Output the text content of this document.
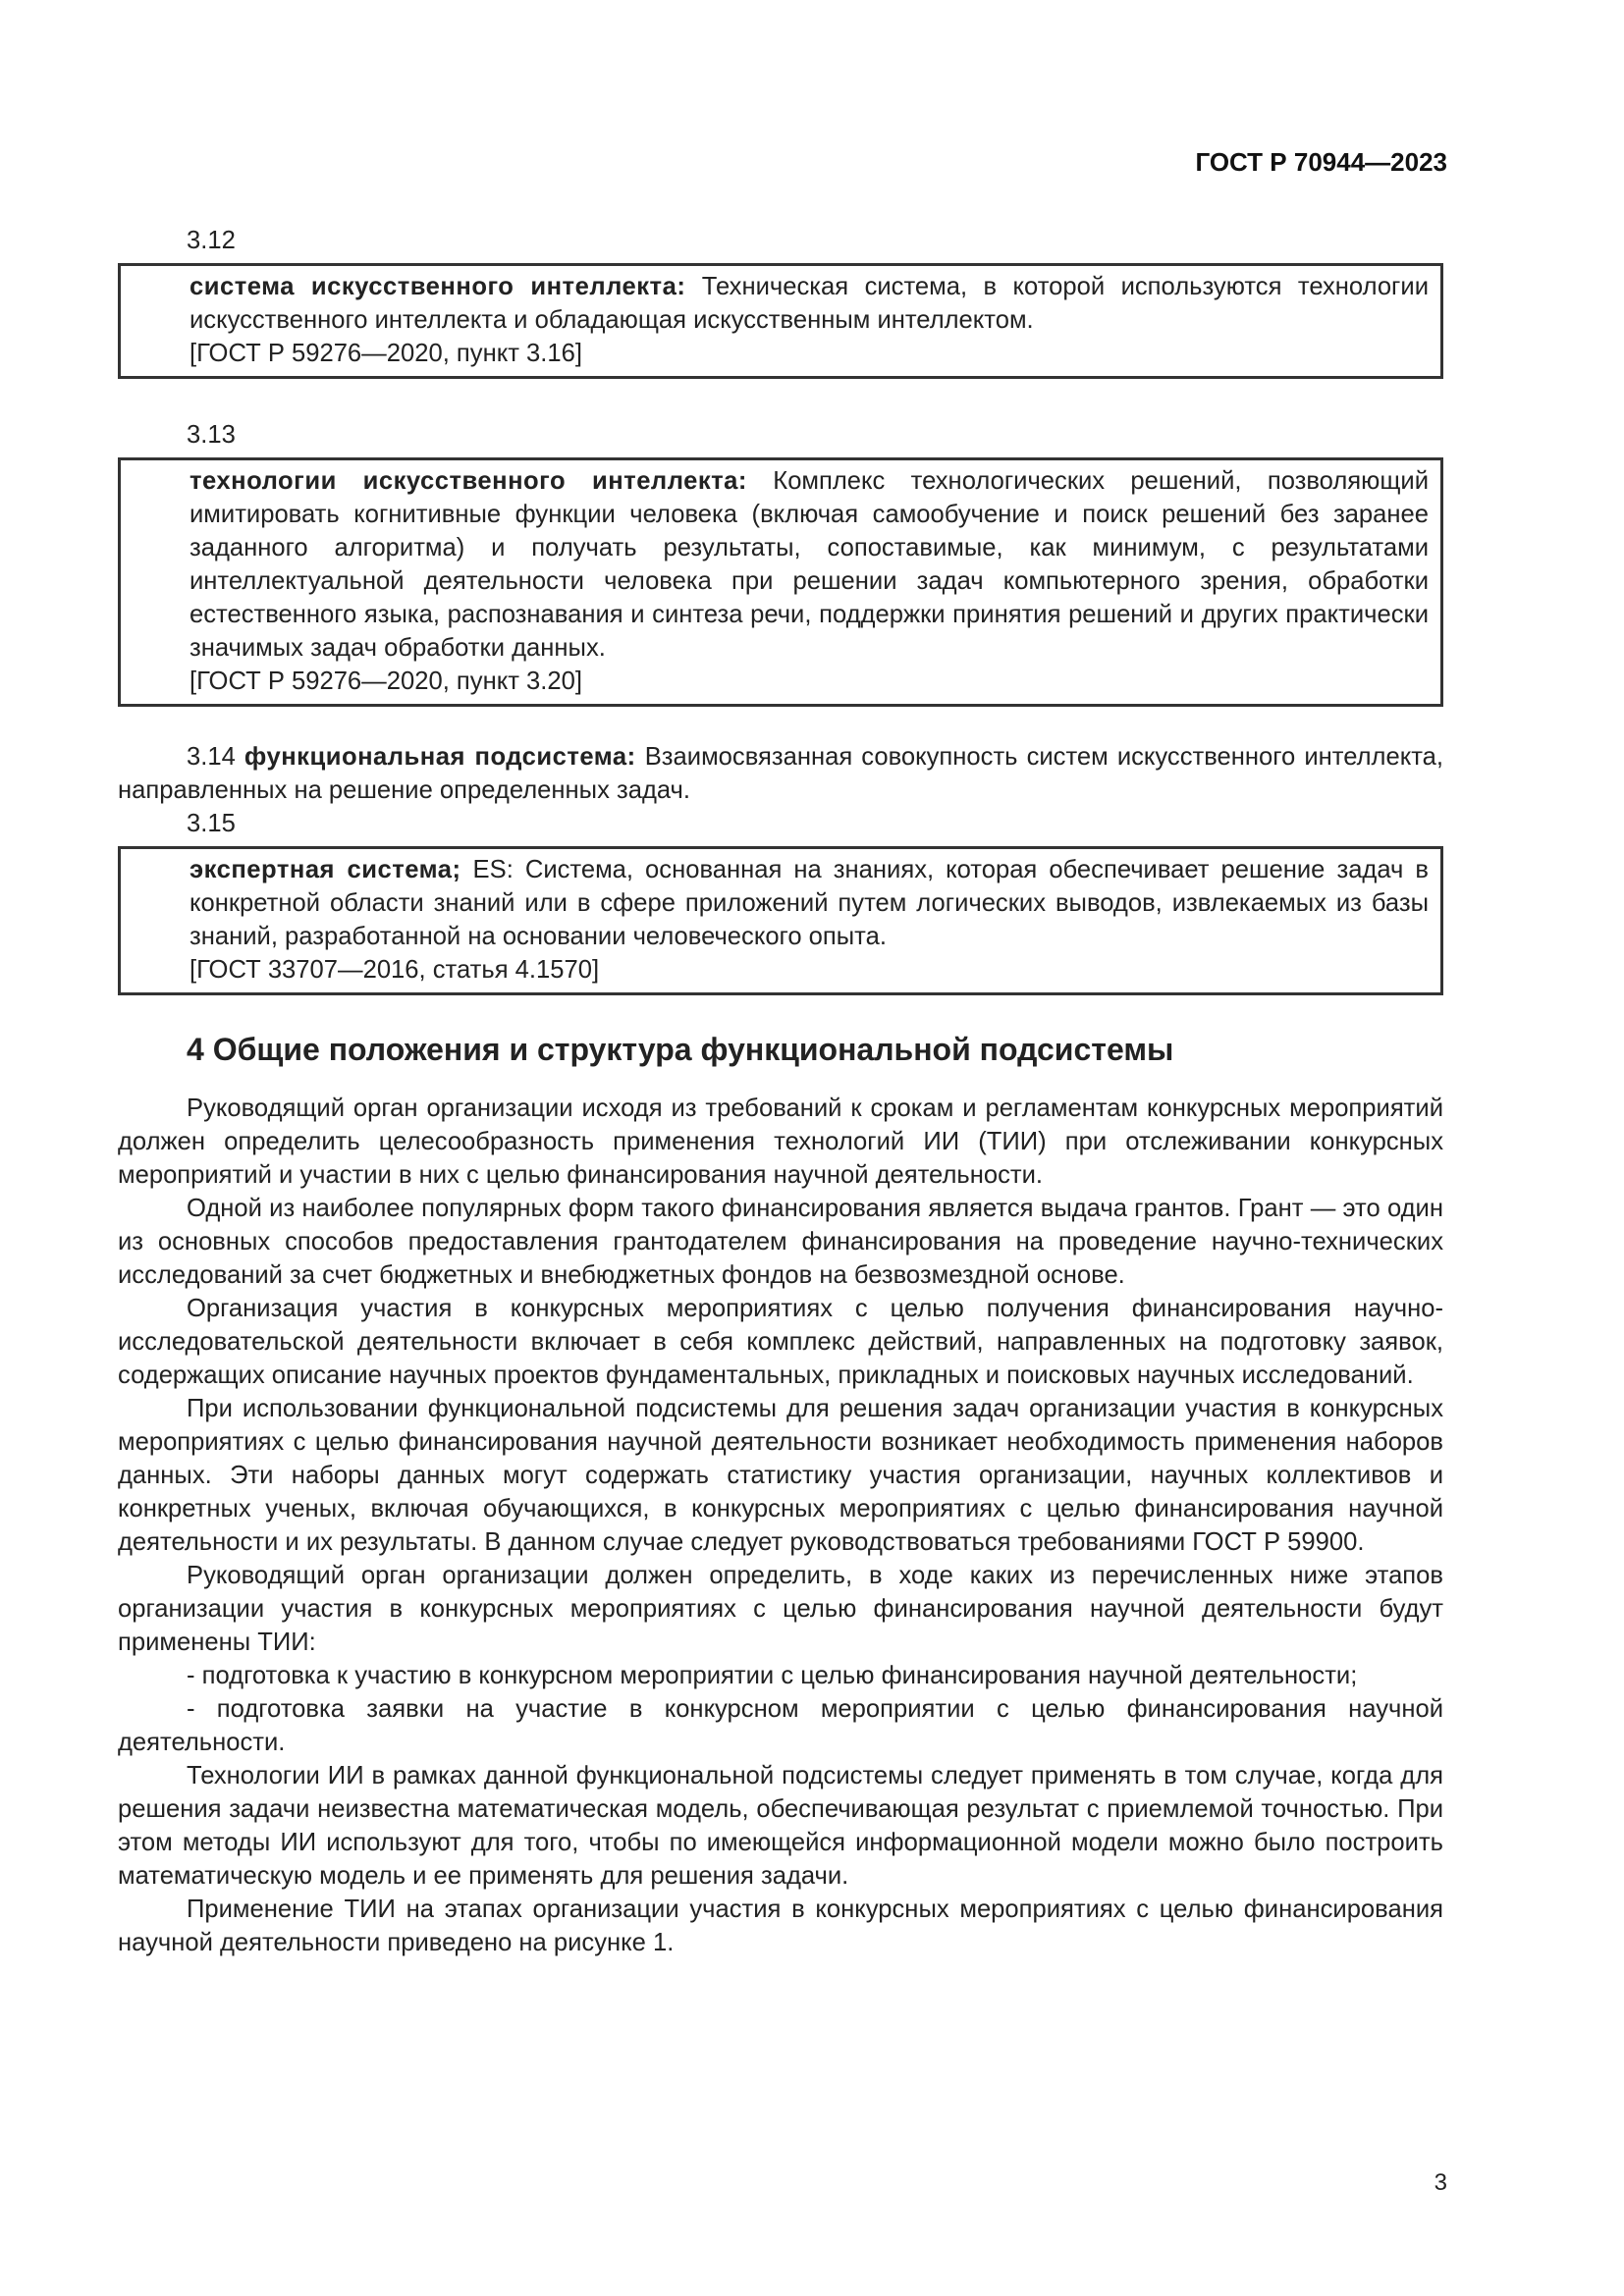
ГОСТ Р 70944—2023

3.12

система искусственного интеллекта: Техническая система, в которой используются технологии искусственного интеллекта и обладающая искусственным интеллектом.

[ГОСТ Р 59276—2020, пункт 3.16]

3.13

технологии искусственного интеллекта: Комплекс технологических решений, позволяющий имитировать когнитивные функции человека (включая самообучение и поиск решений без заранее заданного алгоритма) и получать результаты, сопоставимые, как минимум, с результатами интеллектуальной деятельности человека при решении задач компьютерного зрения, обработки естественного языка, распознавания и синтеза речи, поддержки принятия решений и других практически значимых задач обработки данных.

[ГОСТ Р 59276—2020, пункт 3.20]

3.14 функциональная подсистема: Взаимосвязанная совокупность систем искусственного интеллекта, направленных на решение определенных задач.

3.15

экспертная система; ES: Система, основанная на знаниях, которая обеспечивает решение задач в конкретной области знаний или в сфере приложений путем логических выводов, извлекаемых из базы знаний, разработанной на основании человеческого опыта.

[ГОСТ 33707—2016, статья 4.1570]

4 Общие положения и структура функциональной подсистемы

Руководящий орган организации исходя из требований к срокам и регламентам конкурсных мероприятий должен определить целесообразность применения технологий ИИ (ТИИ) при отслеживании конкурсных мероприятий и участии в них с целью финансирования научной деятельности.

Одной из наиболее популярных форм такого финансирования является выдача грантов. Грант — это один из основных способов предоставления грантодателем финансирования на проведение научно-технических исследований за счет бюджетных и внебюджетных фондов на безвозмездной основе.

Организация участия в конкурсных мероприятиях с целью получения финансирования научно-исследовательской деятельности включает в себя комплекс действий, направленных на подготовку заявок, содержащих описание научных проектов фундаментальных, прикладных и поисковых научных исследований.

При использовании функциональной подсистемы для решения задач организации участия в конкурсных мероприятиях с целью финансирования научной деятельности возникает необходимость применения наборов данных. Эти наборы данных могут содержать статистику участия организации, научных коллективов и конкретных ученых, включая обучающихся, в конкурсных мероприятиях с целью финансирования научной деятельности и их результаты. В данном случае следует руководствоваться требованиями ГОСТ Р 59900.

Руководящий орган организации должен определить, в ходе каких из перечисленных ниже этапов организации участия в конкурсных мероприятиях с целью финансирования научной деятельности будут применены ТИИ:

- подготовка к участию в конкурсном мероприятии с целью финансирования научной деятельности;

- подготовка заявки на участие в конкурсном мероприятии с целью финансирования научной деятельности.

Технологии ИИ в рамках данной функциональной подсистемы следует применять в том случае, когда для решения задачи неизвестна математическая модель, обеспечивающая результат с приемлемой точностью. При этом методы ИИ используют для того, чтобы по имеющейся информационной модели можно было построить математическую модель и ее применять для решения задачи.

Применение ТИИ на этапах организации участия в конкурсных мероприятиях с целью финансирования научной деятельности приведено на рисунке 1.

3
